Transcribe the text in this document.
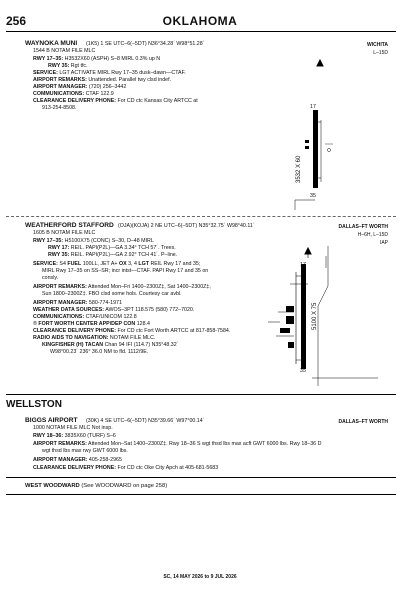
256	OKLAHOMA
WAYNOKA MUNI (1K5) 1 SE UTC–6(–5DT) N36°34.28´ W98°51.28´
1544 B NOTAM FILE MLC
WICHITA
L–15D
RWY 17–35: H3532X60 (ASPH) S–8 MIRL 0.3% up N
RWY 35: Rgt tfc.
SERVICE: LGT ACTIVATE MIRL Rwy 17–35 dusk–dawn—CTAF.
AIRPORT REMARKS: Unattended. Parallel twy clsd indef.
AIRPORT MANAGER: (720) 256–3442
COMMUNICATIONS: CTAF 122.9
CLEARANCE DELIVERY PHONE: For CD ctc Kansas City ARTCC at
913-254-8508.	17
35
3532 X 60
WEATHERFORD STAFFORD (OJA)(KOJA) 2 NE UTC–6(–5DT) N35°32.75´ W98°40.11´
1605 B NOTAM FILE MLC
DALLAS–FT WORTH
H–6H, L–15D
IAP
RWY 17–35: H5100X75 (CONC) S–30, D–48 MIRL
RWY 17: REIL. PAPI(P2L)—GA 3.34° TCH 57´. Trees.
RWY 35: REIL. PAPI(P2L)—GA 2.92° TCH 41´. P–line.
SERVICE: S4 FUEL 100LL, JET A+ OX 3, 4 LGT REIL Rwy 17 and 35;
MIRL Rwy 17–35 on SS–SR; incr intst—CTAF. PAPI Rwy 17 and 35 on
consly.
AIRPORT REMARKS: Attended Mon–Fri 1400–2300Z‡, Sat 1400–2300Z‡,
Sun 1800–2300Z‡. FBO clsd some hols. Courtesy car avbl.
AIRPORT MANAGER: 580-774-1971
WEATHER DATA SOURCES: AWOS–3PT 118.575 (580) 772–7020.
COMMUNICATIONS: CTAF/UNICOM 122.8
® FORT WORTH CENTER APP/DEP CON 128.4
CLEARANCE DELIVERY PHONE: For CD ctc Fort Worth ARTCC at 817-858-7584.
RADIO AIDS TO NAVIGATION: NOTAM FILE MLC.
KINGFISHER (H) TACAN Chan 94 IFI (114.7) N35°48.32´
W98°00.23´ 236° 36.0 NM to fld. 1112/9E.
17
35
5100 X 75
WELLSTON
BIGGS AIRPORT (30K) 4 SE UTC–6(–5DT) N35°39.66´ W97°00.14´
1000 NOTAM FILE MLC Not insp.
DALLAS–FT WORTH
RWY 18–36: 3835X60 (TURF) S–6
AIRPORT REMARKS: Attended Mon–Sat 1400–2300Z‡. Rwy 18–36 S wgt thsd lbs max acft GWT 6000 lbs. Rwy 18–36 D
wgt thsd lbs max rwy GWT 6000 lbs.
AIRPORT MANAGER: 405-258-2965
CLEARANCE DELIVERY PHONE: For CD ctc Oke City Apch at 405-681-5683
WEST WOODWARD (See WOODWARD on page 258)
SC, 14 MAY 2026 to 9 JUL 2026
